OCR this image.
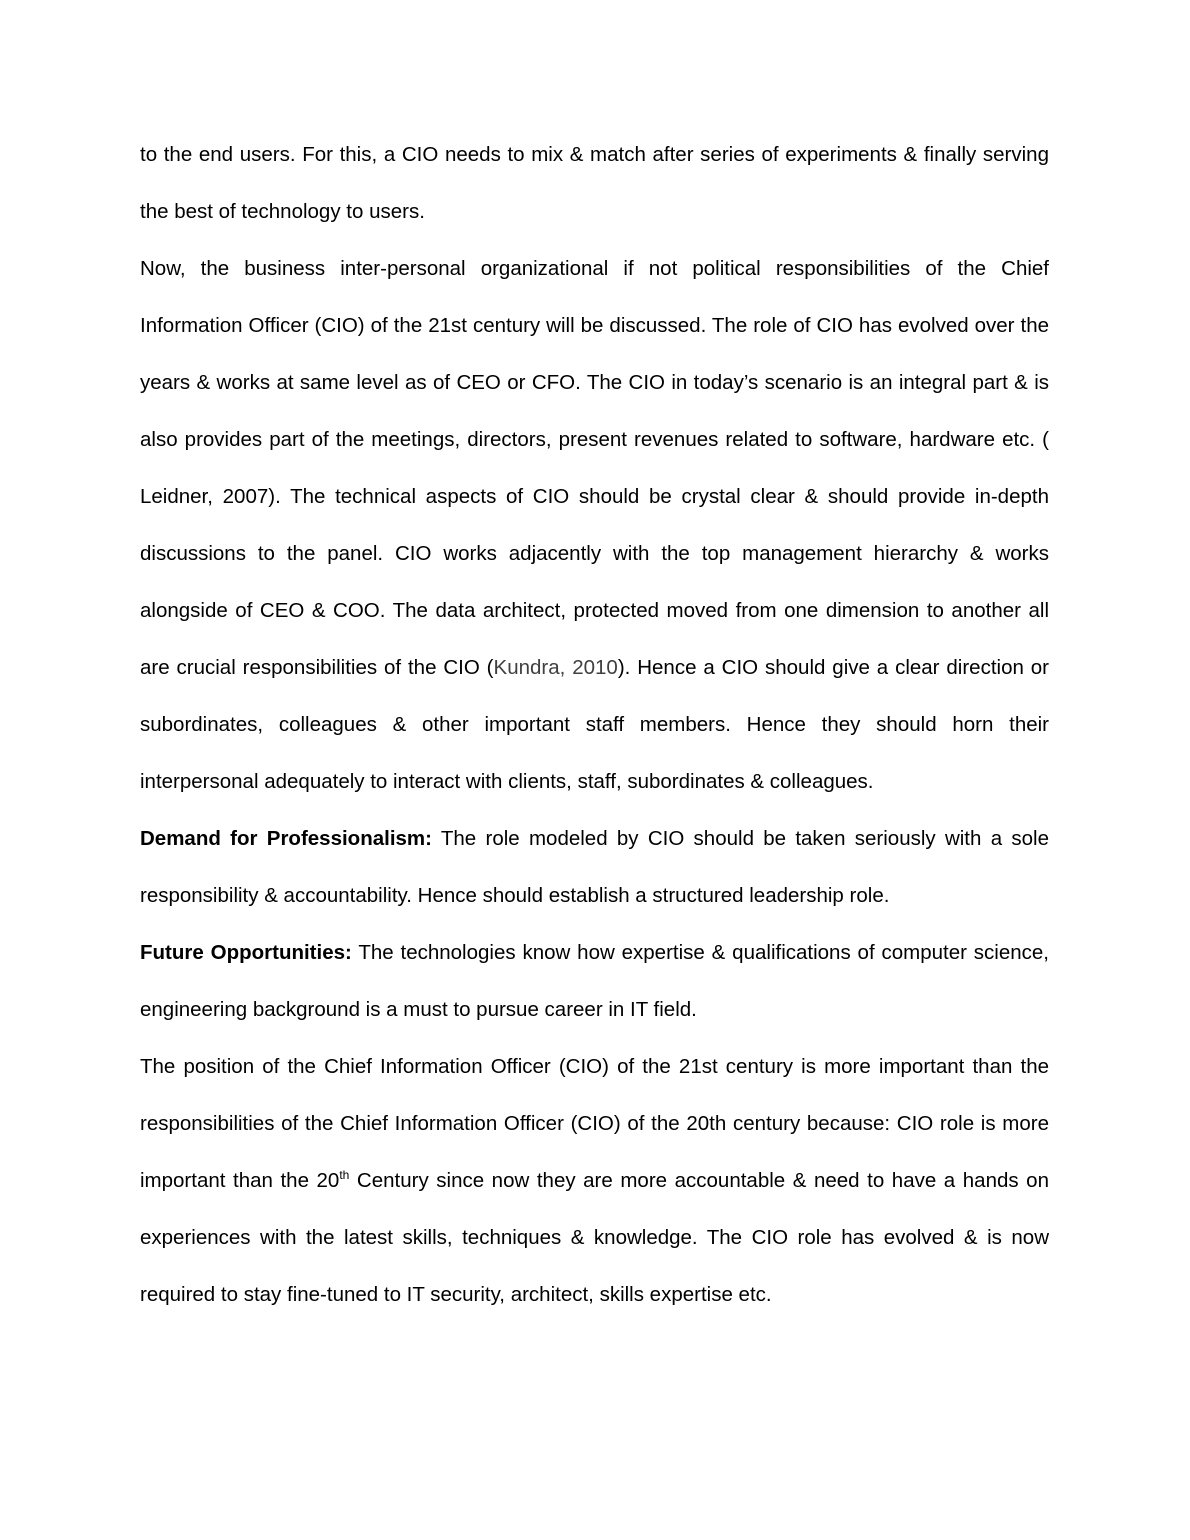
to the end users. For this, a CIO needs to mix & match after series of experiments & finally serving the best of technology to users.

Now, the business inter-personal organizational if not political responsibilities of the Chief Information Officer (CIO) of the 21st century will be discussed. The role of CIO has evolved over the years & works at same level as of CEO or CFO. The CIO in today’s scenario is an integral part & is also provides part of the meetings, directors, present revenues related to software, hardware etc. ( Leidner, 2007). The technical aspects of CIO should be crystal clear & should provide in-depth discussions to the panel. CIO works adjacently with the top management hierarchy & works alongside of CEO & COO. The data architect, protected moved from one dimension to another all are crucial responsibilities of the CIO (Kundra, 2010). Hence a CIO should give a clear direction or subordinates, colleagues & other important staff members. Hence they should horn their interpersonal adequately to interact with clients, staff, subordinates & colleagues.

Demand for Professionalism: The role modeled by CIO should be taken seriously with a sole responsibility & accountability. Hence should establish a structured leadership role.

Future Opportunities: The technologies know how expertise & qualifications of computer science, engineering background is a must to pursue career in IT field.

The position of the Chief Information Officer (CIO) of the 21st century is more important than the responsibilities of the Chief Information Officer (CIO) of the 20th century because: CIO role is more important than the 20th Century since now they are more accountable & need to have a hands on experiences with the latest skills, techniques & knowledge. The CIO role has evolved & is now required to stay fine-tuned to IT security, architect, skills expertise etc.
